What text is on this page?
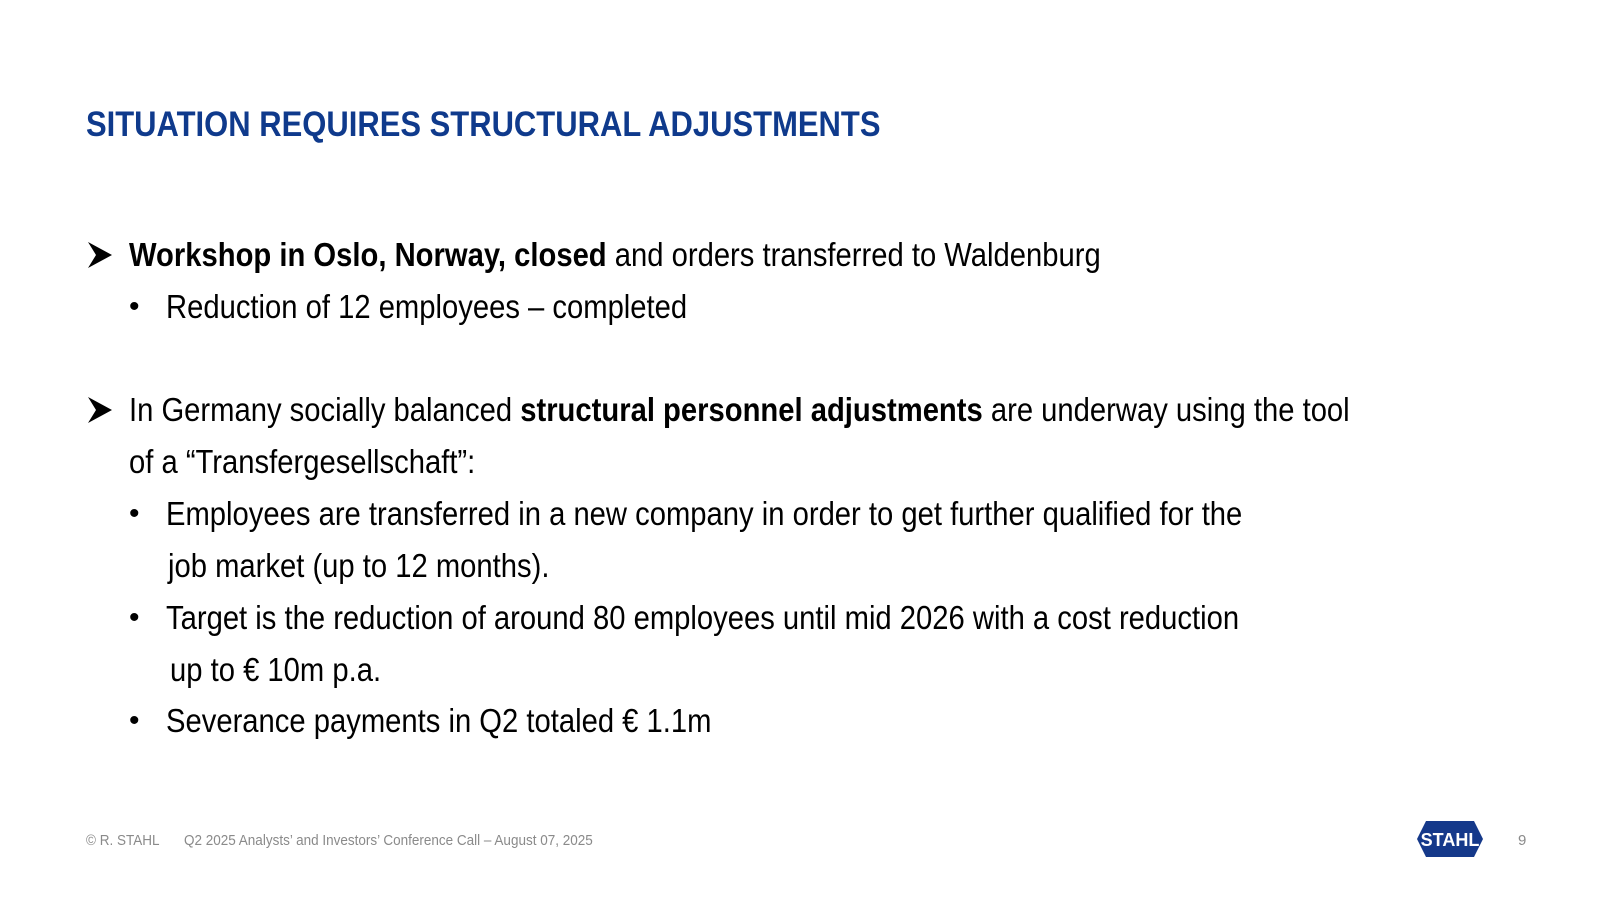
SITUATION REQUIRES STRUCTURAL ADJUSTMENTS
Workshop in Oslo, Norway, closed and orders transferred to Waldenburg
• Reduction of 12 employees – completed
In Germany socially balanced structural personnel adjustments are underway using the tool
of a “Transfergesellschaft”:
• Employees are transferred in a new company in order to get further qualified for the
job market (up to 12 months).
• Target is the reduction of around 80 employees until mid 2026 with a cost reduction
up to € 10m p.a.
• Severance payments in Q2 totaled € 1.1m
© R. STAHL Q2 2025 Analysts’ and Investors’ Conference Call – August 07, 2025	STAHL	9
